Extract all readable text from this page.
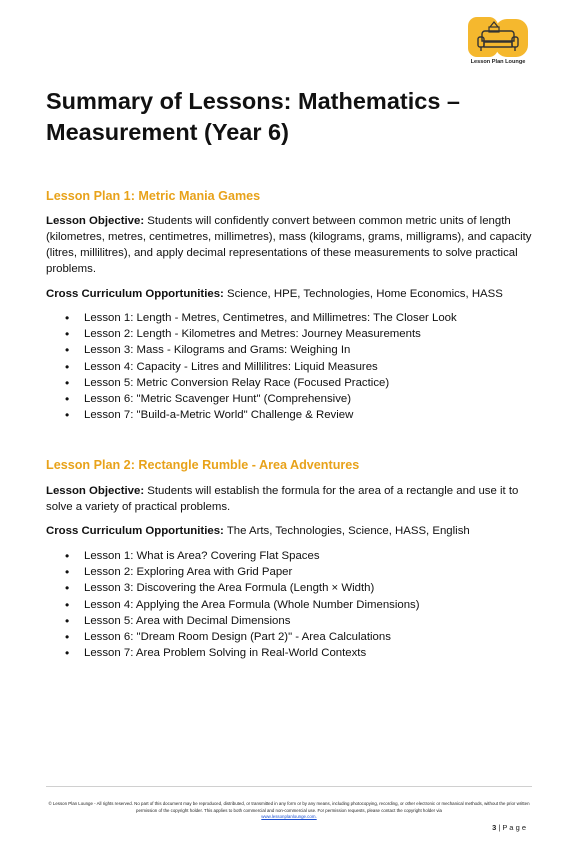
Lesson Plan Lounge
Summary of Lessons: Mathematics – Measurement (Year 6)
Lesson Plan 1: Metric Mania Games
Lesson Objective: Students will confidently convert between common metric units of length (kilometres, metres, centimetres, millimetres), mass (kilograms, grams, milligrams), and capacity (litres, millilitres), and apply decimal representations of these measurements to solve practical problems.
Cross Curriculum Opportunities: Science, HPE, Technologies, Home Economics, HASS
• Lesson 1: Length - Metres, Centimetres, and Millimetres: The Closer Look
• Lesson 2: Length - Kilometres and Metres: Journey Measurements
• Lesson 3: Mass - Kilograms and Grams: Weighing In
• Lesson 4: Capacity - Litres and Millilitres: Liquid Measures
• Lesson 5: Metric Conversion Relay Race (Focused Practice)
• Lesson 6: "Metric Scavenger Hunt" (Comprehensive)
• Lesson 7: "Build-a-Metric World" Challenge & Review
Lesson Plan 2: Rectangle Rumble - Area Adventures
Lesson Objective: Students will establish the formula for the area of a rectangle and use it to solve a variety of practical problems.
Cross Curriculum Opportunities: The Arts, Technologies, Science, HASS, English
• Lesson 1: What is Area? Covering Flat Spaces
• Lesson 2: Exploring Area with Grid Paper
• Lesson 3: Discovering the Area Formula (Length × Width)
• Lesson 4: Applying the Area Formula (Whole Number Dimensions)
• Lesson 5: Area with Decimal Dimensions
• Lesson 6: "Dream Room Design (Part 2)" - Area Calculations
• Lesson 7: Area Problem Solving in Real-World Contexts
© Lesson Plan Lounge - All rights reserved. No part of this document may be reproduced, distributed, or transmitted in any form or by any means, including photocopying, recording, or other electronic or mechanical methods, without the prior written permission of the copyright holder. This applies to both commercial and non-commercial use. For permission requests, please contact the copyright holder via
www.lessonplanlounge.com.
3 | P a g e
